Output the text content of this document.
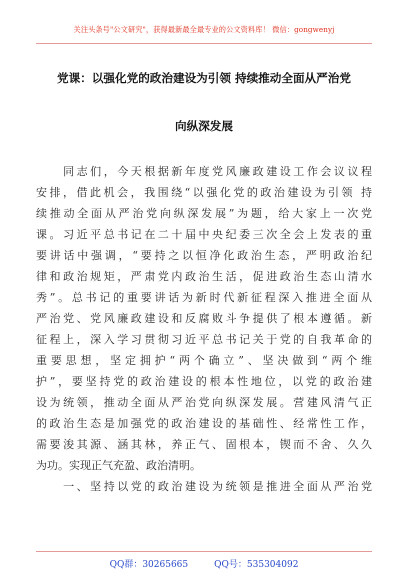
关注头条号"公文研究"，获得最新最全最专业的公文资料库！ 微信：gongwenyj
党课：以强化党的政治建设为引领 持续推动全面从严治党
向纵深发展
　　同志们，今天根据新年度党风廉政建设工作会议议程
安排，借此机会，我围绕“以强化党的政治建设为引领 持
续推动全面从严治党向纵深发展”为题，给大家上一次党
课。习近平总书记在二十届中央纪委三次全会上发表的重
要讲话中强调，“要持之以恒净化政治生态，严明政治纪
律和政治规矩，严肃党内政治生活，促进政治生态山清水
秀”。总书记的重要讲话为新时代新征程深入推进全面从
严治党、党风廉政建设和反腐败斗争提供了根本遵循。新
征程上，深入学习贯彻习近平总书记关于党的自我革命的
重要思想，坚定拥护“两个确立”、坚决做到“两个维
护”，要坚持党的政治建设的根本性地位，以党的政治建
设为统领，推动全面从严治党向纵深发展。营建风清气正
的政治生态是加强党的政治建设的基础性、经常性工作，
需要浚其源、涵其林，养正气、固根本，锲而不舍、久久
为功。实现正气充盈、政治清明。
　　一、坚持以党的政治建设为统领是推进全面从严治党
QQ群：30265665	QQ号：535304092
